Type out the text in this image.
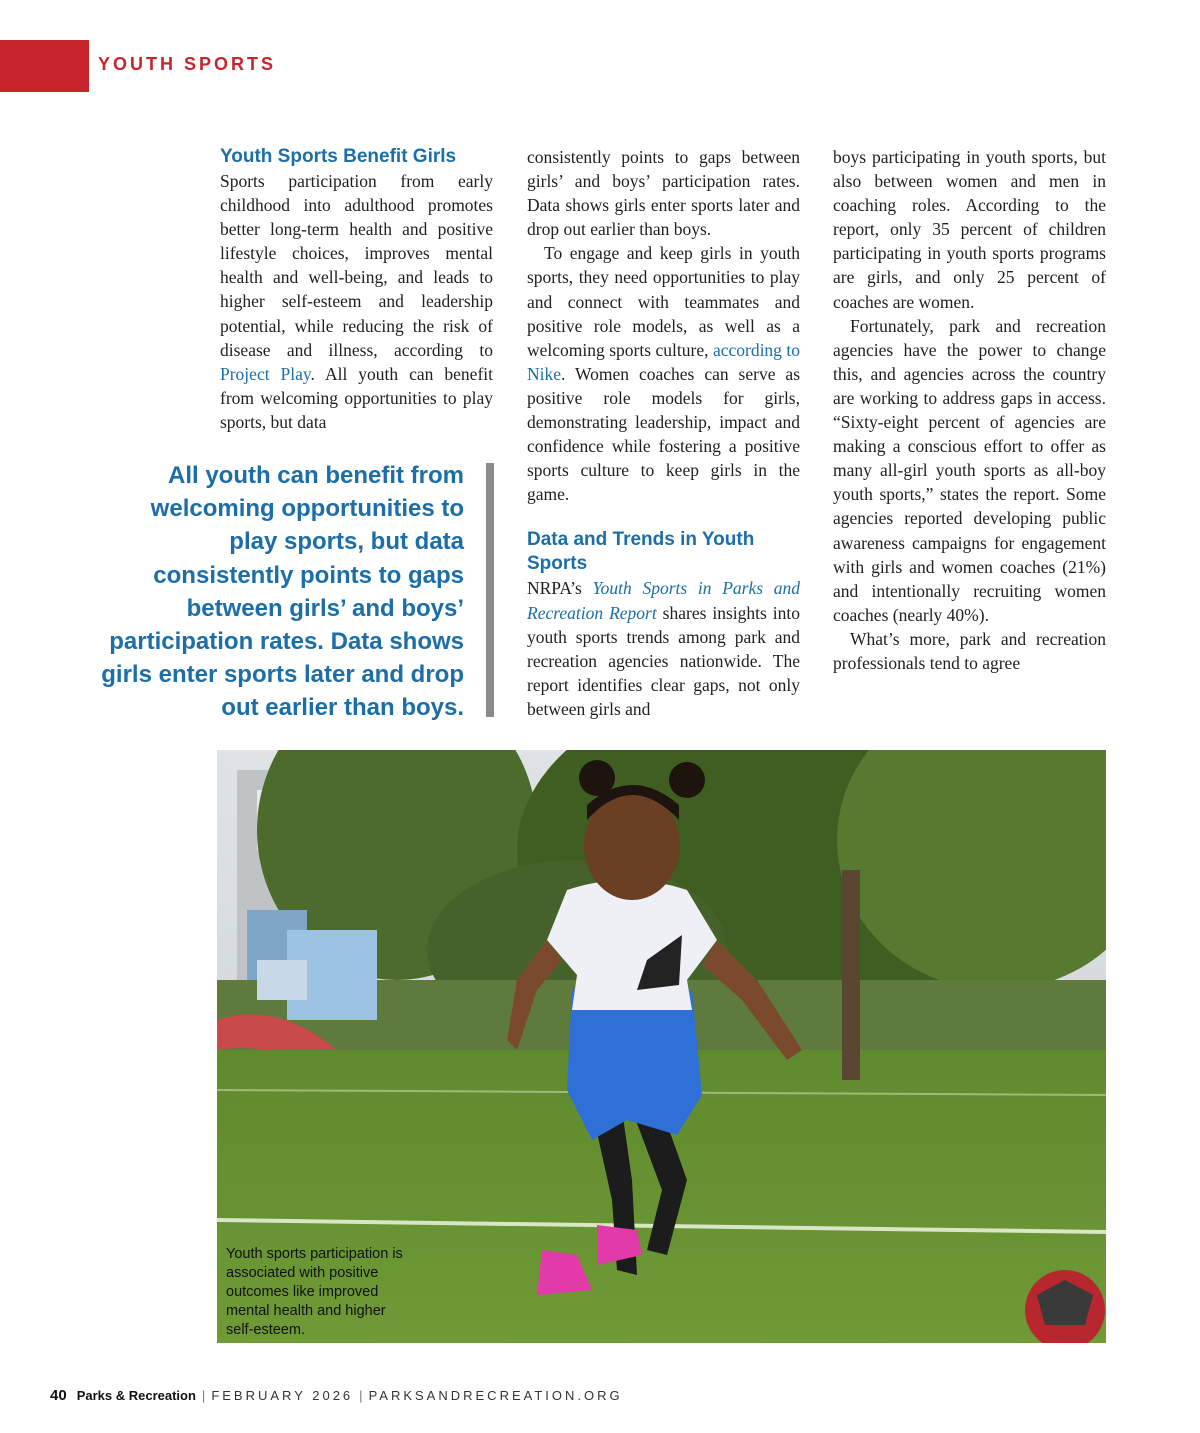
YOUTH SPORTS
Youth Sports Benefit Girls

Sports participation from early childhood into adulthood promotes better long-term health and positive lifestyle choices, improves mental health and well-being, and leads to higher self-esteem and leadership potential, while reducing the risk of disease and illness, according to Project Play. All youth can benefit from welcoming opportunities to play sports, but data

consistently points to gaps between girls’ and boys’ participation rates. Data shows girls enter sports later and drop out earlier than boys.

To engage and keep girls in youth sports, they need opportunities to play and connect with teammates and positive role models, as well as a welcoming sports culture, according to Nike. Women coaches can serve as positive role models for girls, demonstrating leadership, impact and confidence while fostering a positive sports culture to keep girls in the game.

Data and Trends in Youth Sports

NRPA’s Youth Sports in Parks and Recreation Report shares insights into youth sports trends among park and recreation agencies nationwide. The report identifies clear gaps, not only between girls and

boys participating in youth sports, but also between women and men in coaching roles. According to the report, only 35 percent of children participating in youth sports programs are girls, and only 25 percent of coaches are women.

Fortunately, park and recreation agencies have the power to change this, and agencies across the country are working to address gaps in access. “Sixty-eight percent of agencies are making a conscious effort to offer as many all-girl youth sports as all-boy youth sports,” states the report. Some agencies reported developing public awareness campaigns for engagement with girls and women coaches (21%) and intentionally recruiting women coaches (nearly 40%).

What’s more, park and recreation professionals tend to agree

All youth can benefit from welcoming opportunities to play sports, but data consistently points to gaps between girls’ and boys’ participation rates. Data shows girls enter sports later and drop out earlier than boys.

Youth sports participation is associated with positive outcomes like improved mental health and higher self-esteem.

40 Parks & Recreation | FEBRUARY 2026 | PARKSANDRECREATION.ORG
